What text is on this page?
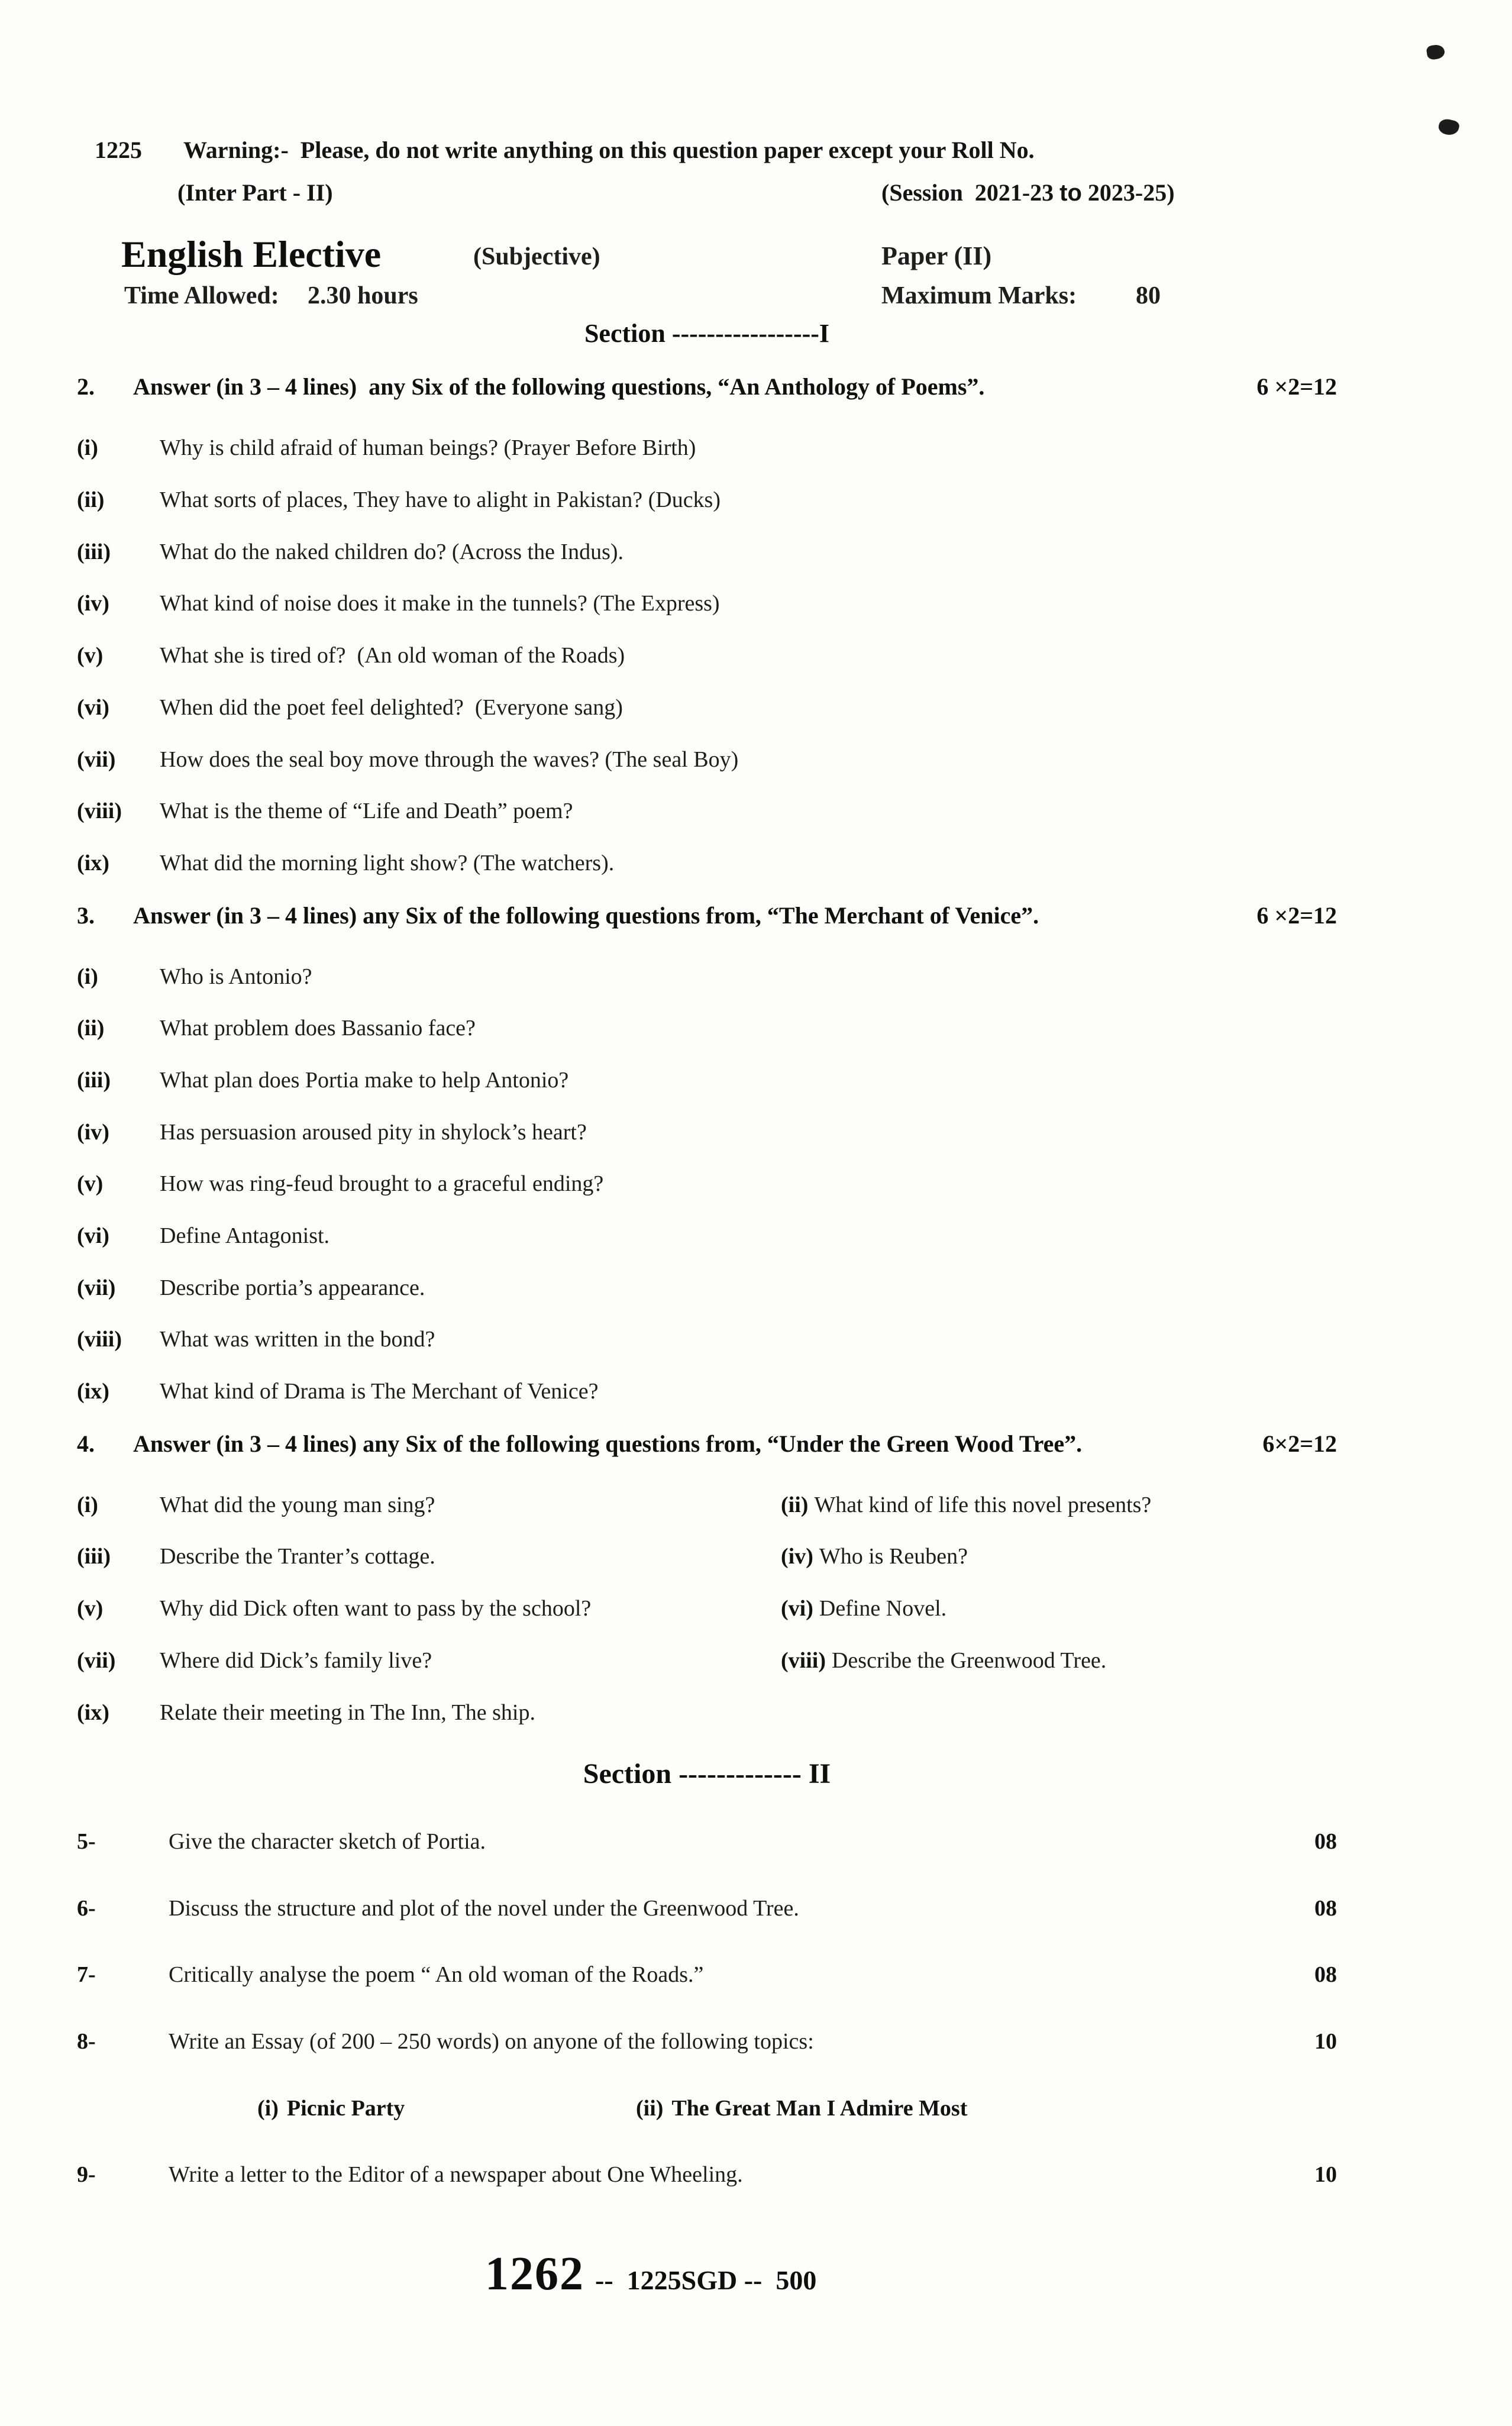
1225	Warning:-  Please, do not write anything on this question paper except your Roll No.
(Inter Part - II)	(Session  2021-23 to 2023-25)
English Elective	(Subjective)	Paper (II)
Time Allowed: 2.30 hours	Maximum Marks: 80
Section -----------------I
2.	Answer (in 3 – 4 lines)  any Six of the following questions, “An Anthology of Poems”.	6 ×2=12
(i)	Why is child afraid of human beings? (Prayer Before Birth)
(ii)	What sorts of places, They have to alight in Pakistan? (Ducks)
(iii)	What do the naked children do? (Across the Indus).
(iv)	What kind of noise does it make in the tunnels? (The Express)
(v)	What she is tired of?  (An old woman of the Roads)
(vi)	When did the poet feel delighted?  (Everyone sang)
(vii)	How does the seal boy move through the waves? (The seal Boy)
(viii)	What is the theme of “Life and Death” poem?
(ix)	What did the morning light show? (The watchers).
3.	Answer (in 3 – 4 lines) any Six of the following questions from, “The Merchant of Venice”.	6 ×2=12
(i)	Who is Antonio?
(ii)	What problem does Bassanio face?
(iii)	What plan does Portia make to help Antonio?
(iv)	Has persuasion aroused pity in shylock’s heart?
(v)	How was ring-feud brought to a graceful ending?
(vi)	Define Antagonist.
(vii)	Describe portia’s appearance.
(viii)	What was written in the bond?
(ix)	What kind of Drama is The Merchant of Venice?
4.	Answer (in 3 – 4 lines) any Six of the following questions from, “Under the Green Wood Tree”.	6×2=12
(i)	What did the young man sing?	(ii) What kind of life this novel presents?
(iii)	Describe the Tranter’s cottage.	(iv) Who is Reuben?
(v)	Why did Dick often want to pass by the school?	(vi) Define Novel.
(vii)	Where did Dick’s family live?	(viii) Describe the Greenwood Tree.
(ix)	Relate their meeting in The Inn, The ship.
Section ------------- II
5-	Give the character sketch of Portia.	08
6-	Discuss the structure and plot of the novel under the Greenwood Tree.	08
7-	Critically analyse the poem “ An old woman of the Roads.”	08
8-	Write an Essay (of 200 – 250 words) on anyone of the following topics:	10
(i) Picnic Party	(ii) The Great Man I Admire Most
9-	Write a letter to the Editor of a newspaper about One Wheeling.	10
1262 --  1225SGD --  500
